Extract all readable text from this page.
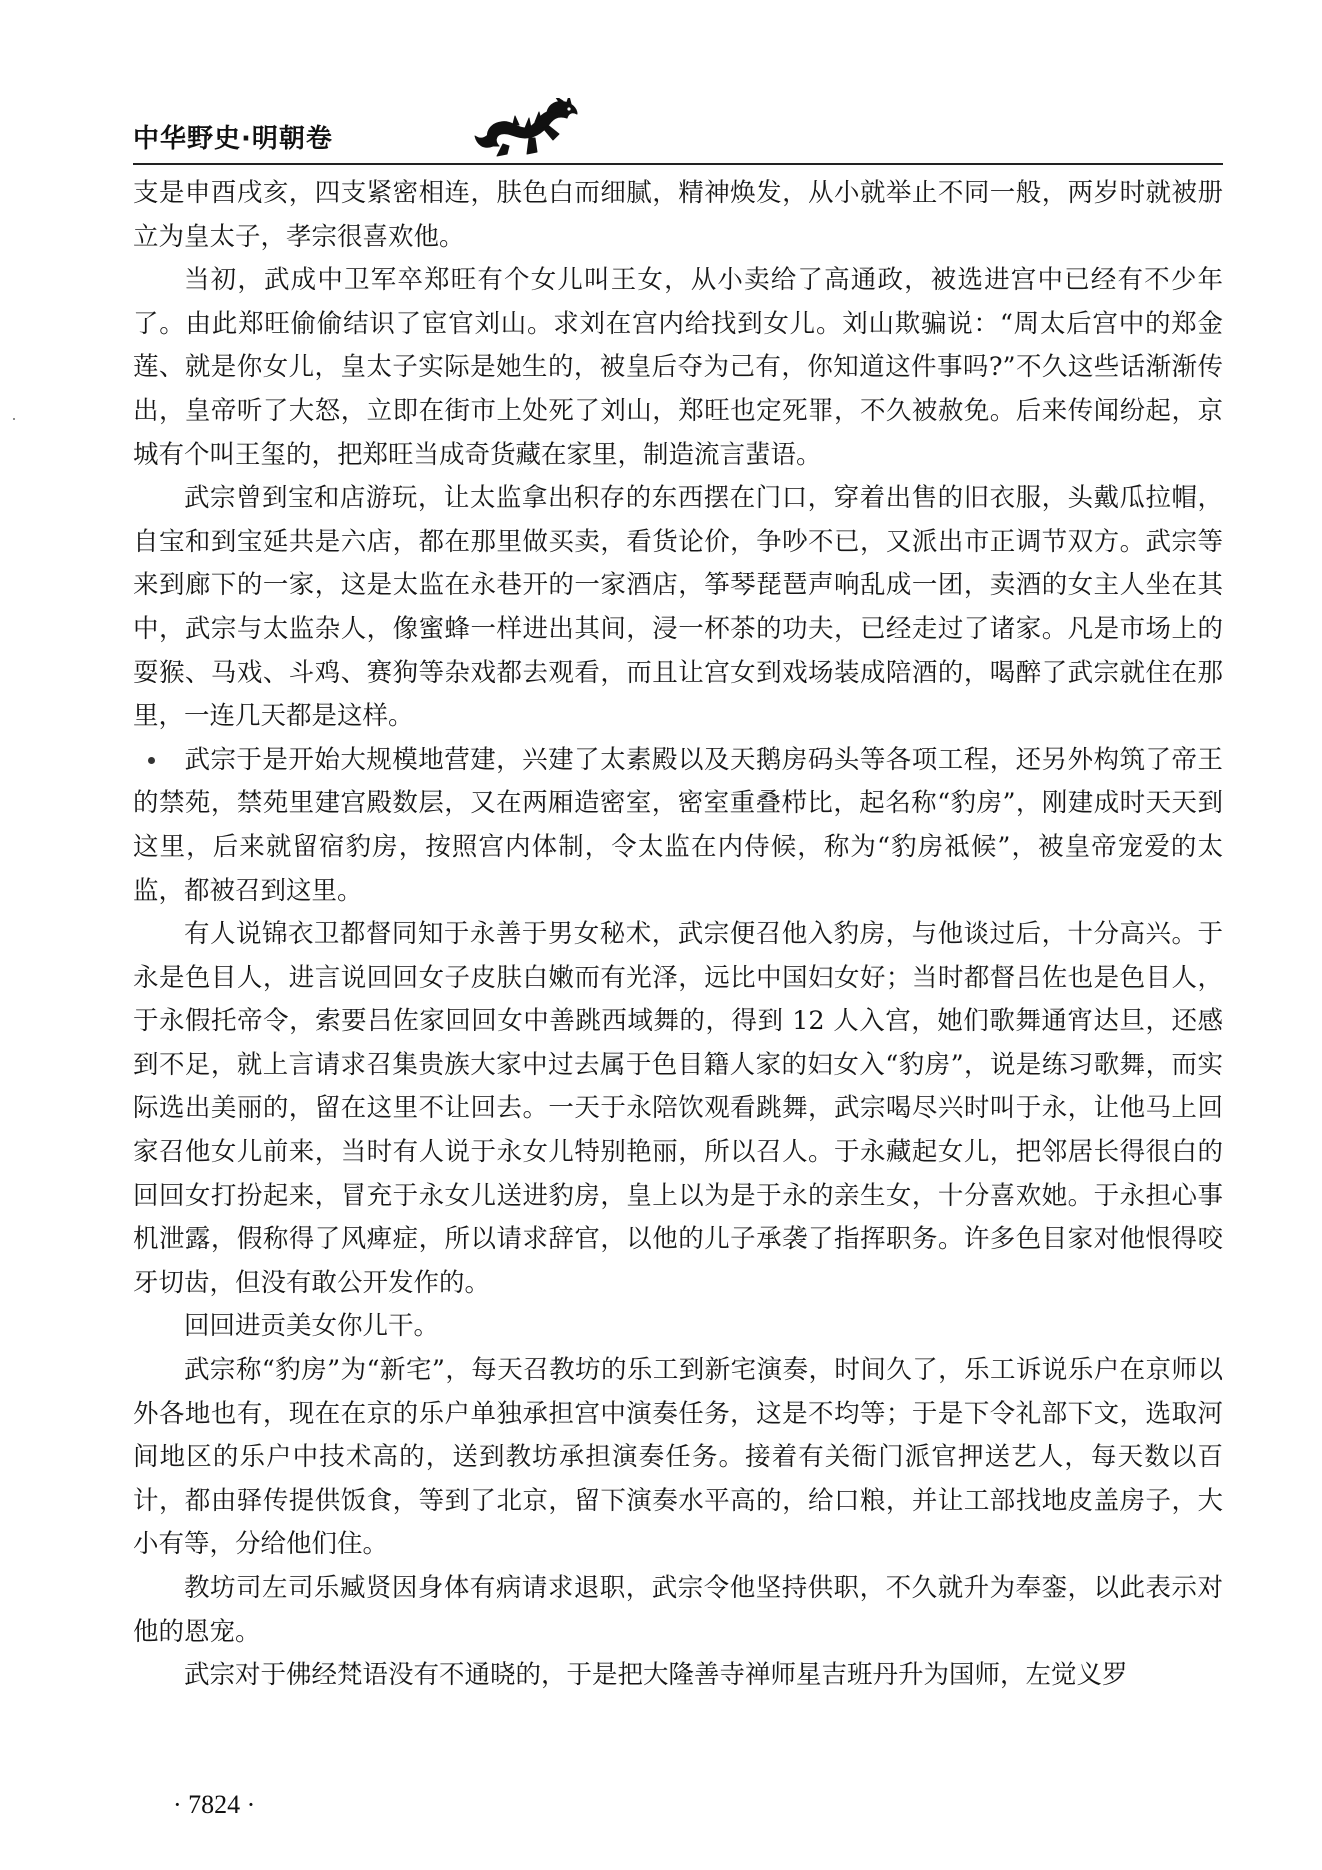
中华野史·明朝卷

支是申酉戌亥，四支紧密相连，肤色白而细腻，精神焕发，从小就举止不同一般，两岁时就被册立为皇太子，孝宗很喜欢他。

当初，武成中卫军卒郑旺有个女儿叫王女，从小卖给了高通政，被选进宫中已经有不少年了。由此郑旺偷偷结识了宦官刘山。求刘在宫内给找到女儿。刘山欺骗说：“周太后宫中的郑金莲、就是你女儿，皇太子实际是她生的，被皇后夺为己有，你知道这件事吗?”不久这些话渐渐传出，皇帝听了大怒，立即在街市上处死了刘山，郑旺也定死罪，不久被赦免。后来传闻纷起，京城有个叫王玺的，把郑旺当成奇货藏在家里，制造流言蜚语。

武宗曾到宝和店游玩，让太监拿出积存的东西摆在门口，穿着出售的旧衣服，头戴瓜拉帽，自宝和到宝延共是六店，都在那里做买卖，看货论价，争吵不已，又派出市正调节双方。武宗等来到廊下的一家，这是太监在永巷开的一家酒店，筝琴琵琶声响乱成一团，卖酒的女主人坐在其中，武宗与太监杂人，像蜜蜂一样进出其间，浸一杯茶的功夫，已经走过了诸家。凡是市场上的耍猴、马戏、斗鸡、赛狗等杂戏都去观看，而且让宫女到戏场装成陪酒的，喝醉了武宗就住在那里，一连几天都是这样。

武宗于是开始大规模地营建，兴建了太素殿以及天鹅房码头等各项工程，还另外构筑了帝王的禁苑，禁苑里建宫殿数层，又在两厢造密室，密室重叠栉比，起名称“豹房”，刚建成时天天到这里，后来就留宿豹房，按照宫内体制，令太监在内侍候，称为“豹房祗候”，被皇帝宠爱的太监，都被召到这里。

有人说锦衣卫都督同知于永善于男女秘术，武宗便召他入豹房，与他谈过后，十分高兴。于永是色目人，进言说回回女子皮肤白嫩而有光泽，远比中国妇女好；当时都督吕佐也是色目人，于永假托帝令，索要吕佐家回回女中善跳西域舞的，得到 12 人入宫，她们歌舞通宵达旦，还感到不足，就上言请求召集贵族大家中过去属于色目籍人家的妇女入“豹房”，说是练习歌舞，而实际选出美丽的，留在这里不让回去。一天于永陪饮观看跳舞，武宗喝尽兴时叫于永，让他马上回家召他女儿前来，当时有人说于永女儿特别艳丽，所以召人。于永藏起女儿，把邻居长得很白的回回女打扮起来，冒充于永女儿送进豹房，皇上以为是于永的亲生女，十分喜欢她。于永担心事机泄露，假称得了风痺症，所以请求辞官，以他的儿子承袭了指挥职务。许多色目家对他恨得咬牙切齿，但没有敢公开发作的。

回回进贡美女你儿干。

武宗称“豹房”为“新宅”，每天召教坊的乐工到新宅演奏，时间久了，乐工诉说乐户在京师以外各地也有，现在在京的乐户单独承担宫中演奏任务，这是不均等；于是下令礼部下文，选取河间地区的乐户中技术高的，送到教坊承担演奏任务。接着有关衙门派官押送艺人，每天数以百计，都由驿传提供饭食，等到了北京，留下演奏水平高的，给口粮，并让工部找地皮盖房子，大小有等，分给他们住。

教坊司左司乐臧贤因身体有病请求退职，武宗令他坚持供职，不久就升为奉銮，以此表示对他的恩宠。

武宗对于佛经梵语没有不通晓的，于是把大隆善寺禅师星吉班丹升为国师，左觉义罗

· 7824 ·
